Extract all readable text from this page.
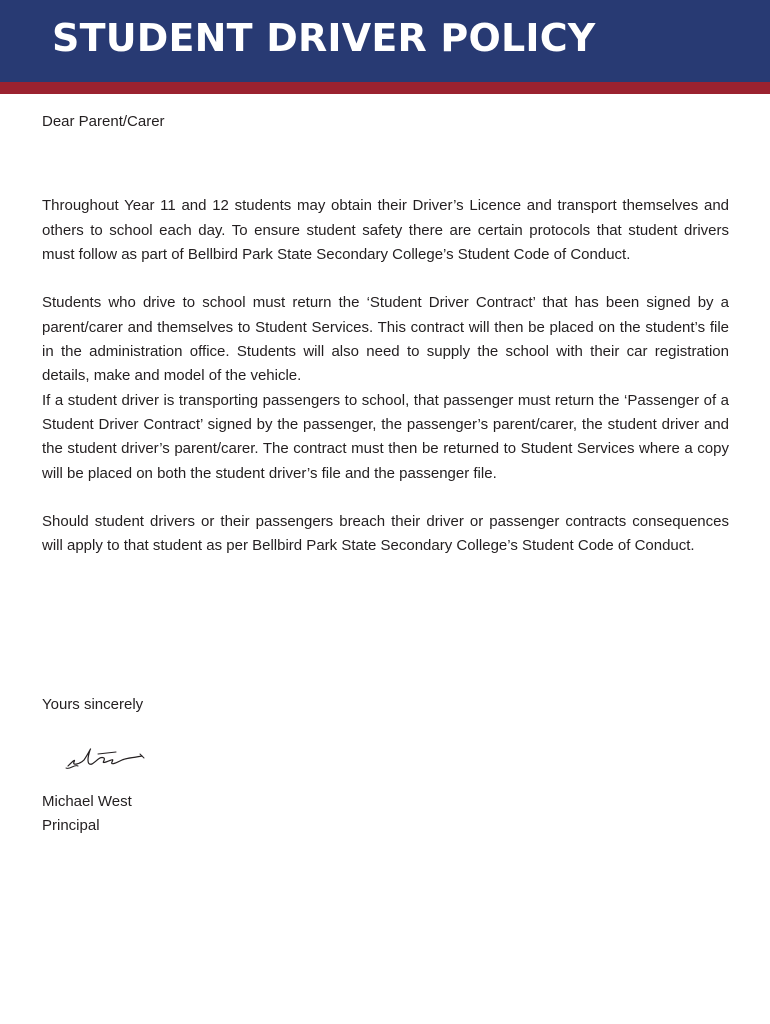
STUDENT DRIVER POLICY

Dear Parent/Carer

Throughout Year 11 and 12 students may obtain their Driver’s Licence and transport themselves and others to school each day. To ensure student safety there are certain protocols that student drivers must follow as part of Bellbird Park State Secondary College’s Student Code of Conduct.

Students who drive to school must return the ‘Student Driver Contract’ that has been signed by a parent/carer and themselves to Student Services. This contract will then be placed on the student’s file in the administration office. Students will also need to supply the school with their car registration details, make and model of the vehicle.

If a student driver is transporting passengers to school, that passenger must return the ‘Passenger of a Student Driver Contract’ signed by the passenger, the passenger’s parent/carer, the student driver and the student driver’s parent/carer. The contract must then be returned to Student Services where a copy will be placed on both the student driver’s file and the passenger file.

Should student drivers or their passengers breach their driver or passenger contracts consequences will apply to that student as per Bellbird Park State Secondary College’s Student Code of Conduct.

Yours sincerely

Michael West

Principal
